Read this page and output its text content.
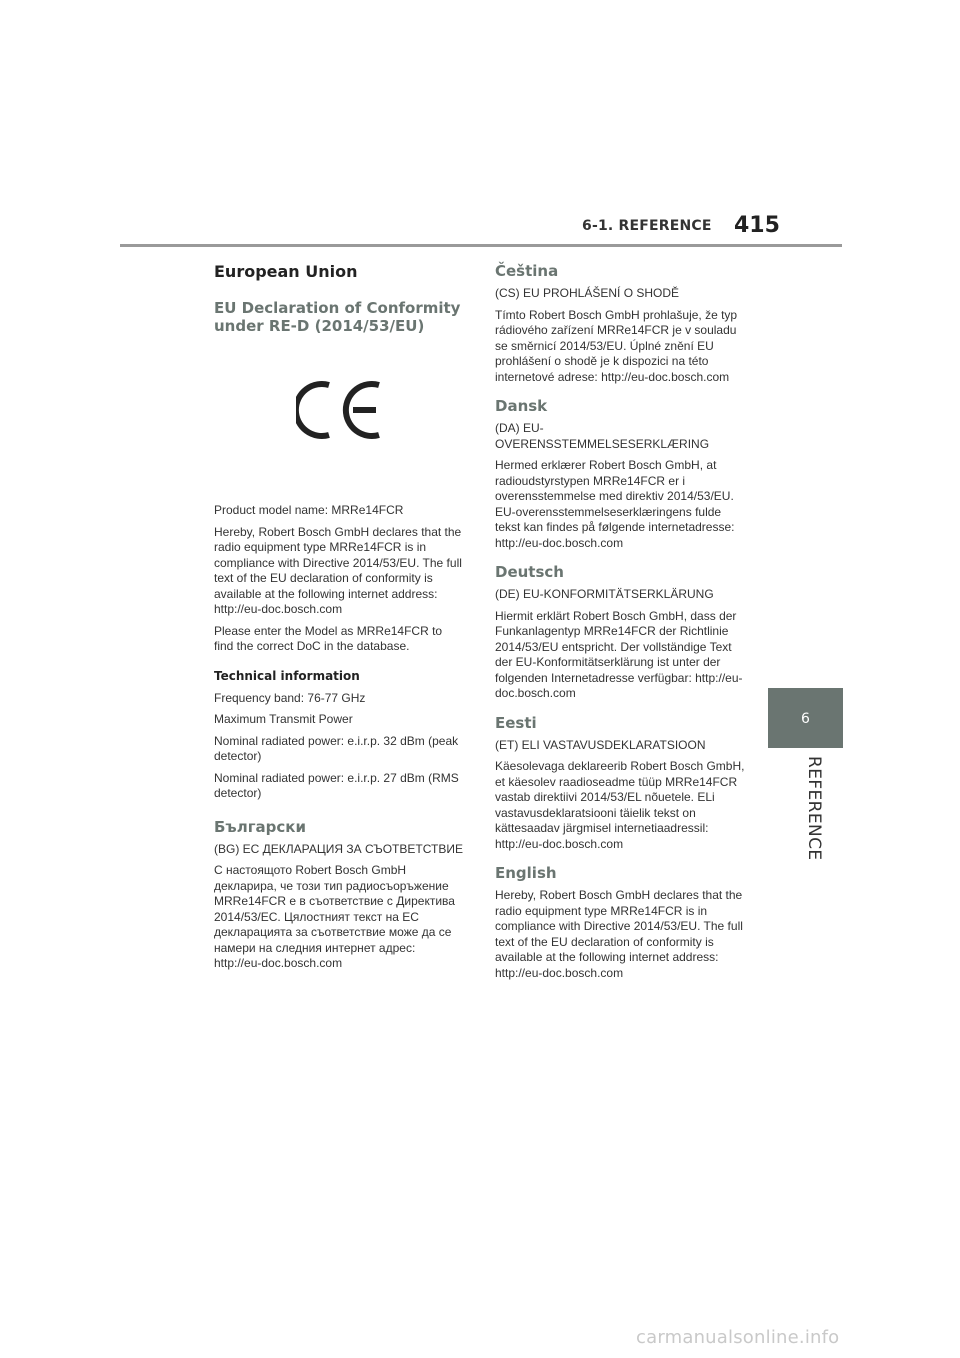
6-1. REFERENCE 415
6
REFERENCE
European Union
EU Declaration of Conformity under RE-D (2014/53/EU)

Product model name: MRRe14FCR

Hereby, Robert Bosch GmbH declares that the radio equipment type MRRe14FCR is in compliance with Directive 2014/53/EU. The full text of the EU declaration of conformity is available at the following internet address: http://eu-doc.bosch.com

Please enter the Model as MRRe14FCR to find the correct DoC in the database.

Technical information

Frequency band: 76-77 GHz

Maximum Transmit Power

Nominal radiated power: e.i.r.p. 32 dBm (peak detector)

Nominal radiated power: e.i.r.p. 27 dBm (RMS detector)

Български

(BG) ЕС ДЕКЛАРАЦИЯ ЗА СЪОТВЕТСТВИЕ

С настоящото Robert Bosch GmbH декларира, че този тип радиосъоръжение MRRe14FCR е в съответствие с Директива 2014/53/ЕС. Цялостният текст на ЕС декларацията за съответствие може да се намери на следния интернет адрес: http://eu-doc.bosch.com

Čeština

(CS) EU PROHLÁŠENÍ O SHODĚ

Tímto Robert Bosch GmbH prohlašuje, že typ rádiového zařízení MRRe14FCR je v souladu se směrnicí 2014/53/EU. Úplné znění EU prohlášení o shodě je k dispozici na této internetové adrese: http://eu-doc.bosch.com

Dansk

(DA) EU-OVERENSSTEMMELSESERKLÆRING

Hermed erklærer Robert Bosch GmbH, at radioudstyrstypen MRRe14FCR er i overensstemmelse med direktiv 2014/53/EU. EU-overensstemmelseserklæringens fulde tekst kan findes på følgende internetadresse: http://eu-doc.bosch.com

Deutsch

(DE) EU-KONFORMITÄTSERKLÄRUNG

Hiermit erklärt Robert Bosch GmbH, dass der Funkanlagentyp MRRe14FCR der Richtlinie 2014/53/EU entspricht. Der vollständige Text der EU-Konformitätserklärung ist unter der folgenden Internetadresse verfügbar: http://eu-doc.bosch.com

Eesti

(ET) ELI VASTAVUSDEKLARATSIOON

Käesolevaga deklareerib Robert Bosch GmbH, et käesolev raadioseadme tüüp MRRe14FCR vastab direktiivi 2014/53/EL nõuetele. ELi vastavusdeklaratsiooni täielik tekst on kättesaadav järgmisel internetiaadressil: http://eu-doc.bosch.com

English

Hereby, Robert Bosch GmbH declares that the radio equipment type MRRe14FCR is in compliance with Directive 2014/53/EU. The full text of the EU declaration of conformity is available at the following internet address: http://eu-doc.bosch.com

carmanualsonline.info
